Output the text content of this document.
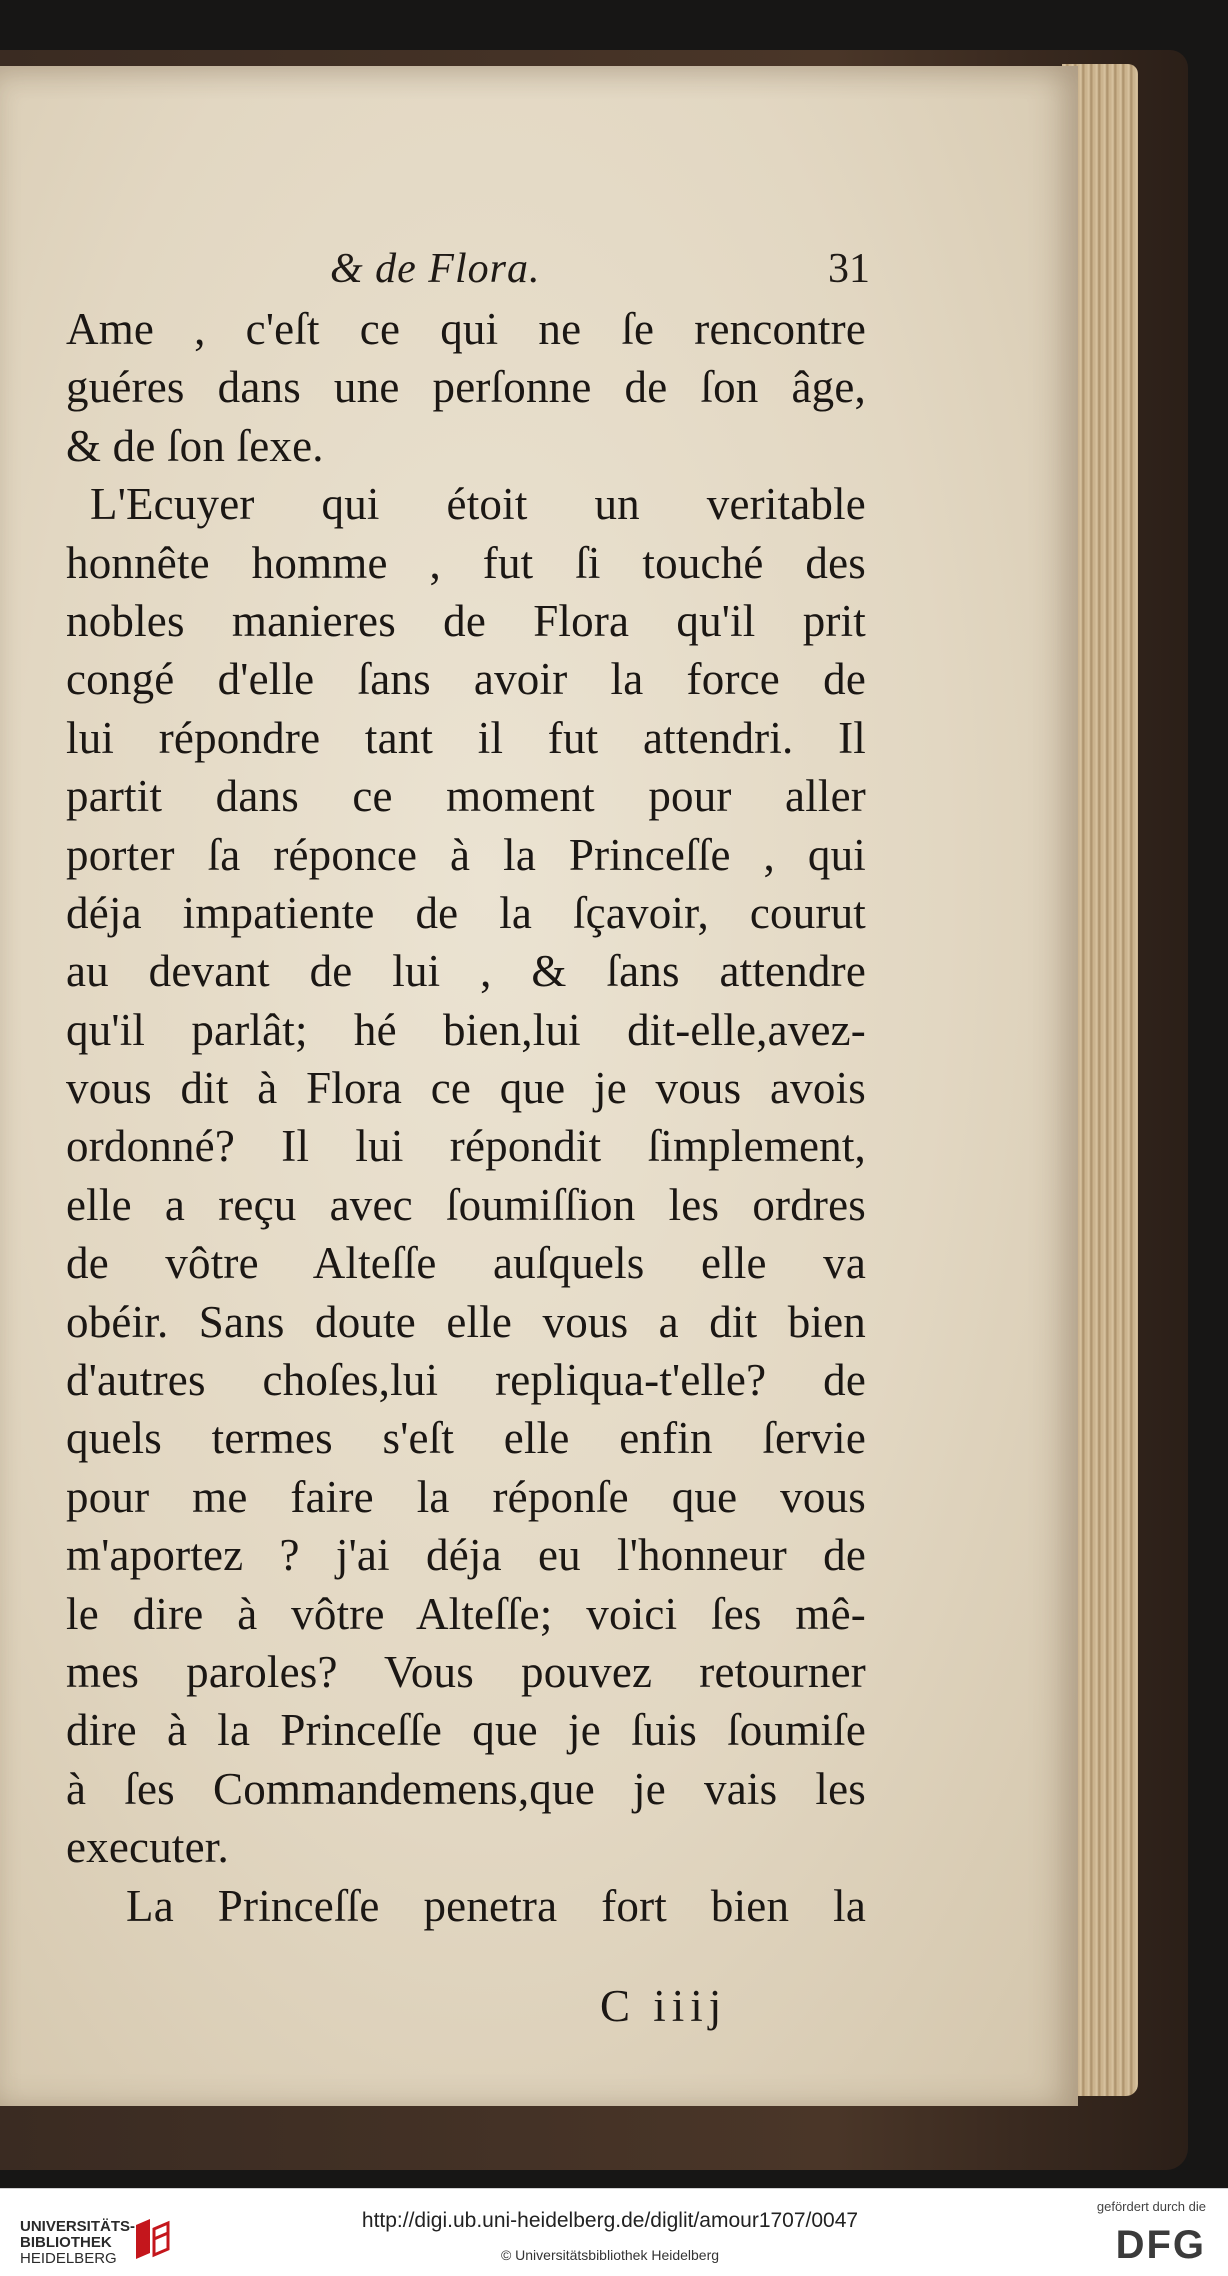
& de Flora.	31
Ame , c'eſt ce qui ne ſe rencontre
guéres dans une perſonne de ſon âge,
& de ſon ſexe.
L'Ecuyer qui étoit un veritable
honnête homme , fut ſi touché des
nobles manieres de Flora qu'il prit
congé d'elle ſans avoir la force de
lui répondre tant il fut attendri. Il
partit dans ce moment pour aller
porter ſa réponce à la Princeſſe , qui
déja impatiente de la ſçavoir, courut
au devant de lui , & ſans attendre
qu'il parlât; hé bien,lui dit-elle,avez-
vous dit à Flora ce que je vous avois
ordonné? Il lui répondit ſimplement,
elle a reçu avec ſoumiſſion les ordres
de vôtre Alteſſe auſquels elle va
obéir. Sans doute elle vous a dit bien
d'autres choſes,lui repliqua-t'elle? de
quels termes s'eſt elle enfin ſervie
pour me faire la réponſe que vous
m'aportez ? j'ai déja eu l'honneur de
le dire à vôtre Alteſſe; voici ſes mê-
mes paroles? Vous pouvez retourner
dire à la Princeſſe que je ſuis ſoumiſe
à ſes Commandemens,que je vais les
executer.
La Princeſſe penetra fort bien la
C iiij
UNIVERSITÄTS-
BIBLIOTHEK
HEIDELBERG
http://digi.ub.uni-heidelberg.de/diglit/amour1707/0047
© Universitätsbibliothek Heidelberg
gefördert durch die
DFG
